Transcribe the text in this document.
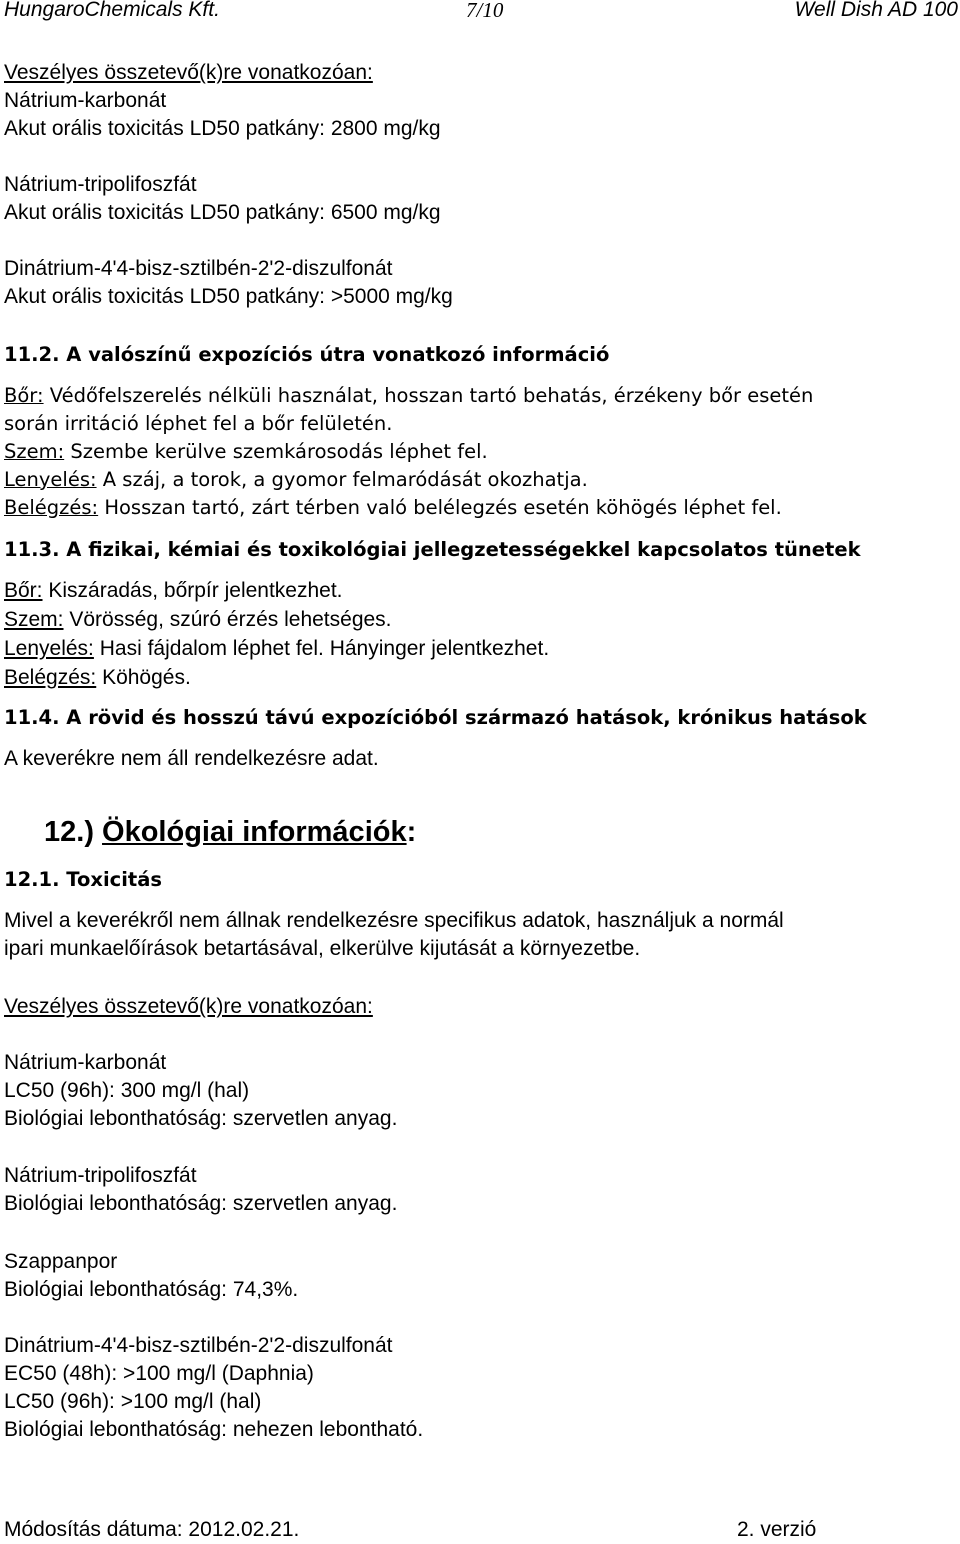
HungaroChemicals Kft.	7/10	Well Dish AD 100
Veszélyes összetevő(k)re vonatkozóan:
Nátrium-karbonát
Akut orális toxicitás LD50 patkány: 2800 mg/kg
Nátrium-tripolifoszfát
Akut orális toxicitás LD50 patkány: 6500 mg/kg
Dinátrium-4'4-bisz-sztilbén-2'2-diszulfonát
Akut orális toxicitás LD50 patkány: >5000 mg/kg
11.2. A valószínű expozíciós útra vonatkozó információ
Bőr: Védőfelszerelés nélküli használat, hosszan tartó behatás, érzékeny bőr esetén
során irritáció léphet fel a bőr felületén.
Szem: Szembe kerülve szemkárosodás léphet fel.
Lenyelés: A száj, a torok, a gyomor felmaródását okozhatja.
Belégzés: Hosszan tartó, zárt térben való belélegzés esetén köhögés léphet fel.
11.3. A fizikai, kémiai és toxikológiai jellegzetességekkel kapcsolatos tünetek
Bőr: Kiszáradás, bőrpír jelentkezhet.
Szem: Vörösség, szúró érzés lehetséges.
Lenyelés: Hasi fájdalom léphet fel. Hányinger jelentkezhet.
Belégzés: Köhögés.
11.4. A rövid és hosszú távú expozícióból származó hatások, krónikus hatások
A keverékre nem áll rendelkezésre adat.
12.) Ökológiai információk:
12.1. Toxicitás
Mivel a keverékről nem állnak rendelkezésre specifikus adatok, használjuk a normál
ipari munkaelőírások betartásával, elkerülve kijutását a környezetbe.
Veszélyes összetevő(k)re vonatkozóan:
Nátrium-karbonát
LC50 (96h): 300 mg/l (hal)
Biológiai lebonthatóság: szervetlen anyag.
Nátrium-tripolifoszfát
Biológiai lebonthatóság: szervetlen anyag.
Szappanpor
Biológiai lebonthatóság: 74,3%.
Dinátrium-4'4-bisz-sztilbén-2'2-diszulfonát
EC50 (48h): >100 mg/l (Daphnia)
LC50 (96h): >100 mg/l (hal)
Biológiai lebonthatóság: nehezen lebontható.
Módosítás dátuma: 2012.02.21.	2. verzió
